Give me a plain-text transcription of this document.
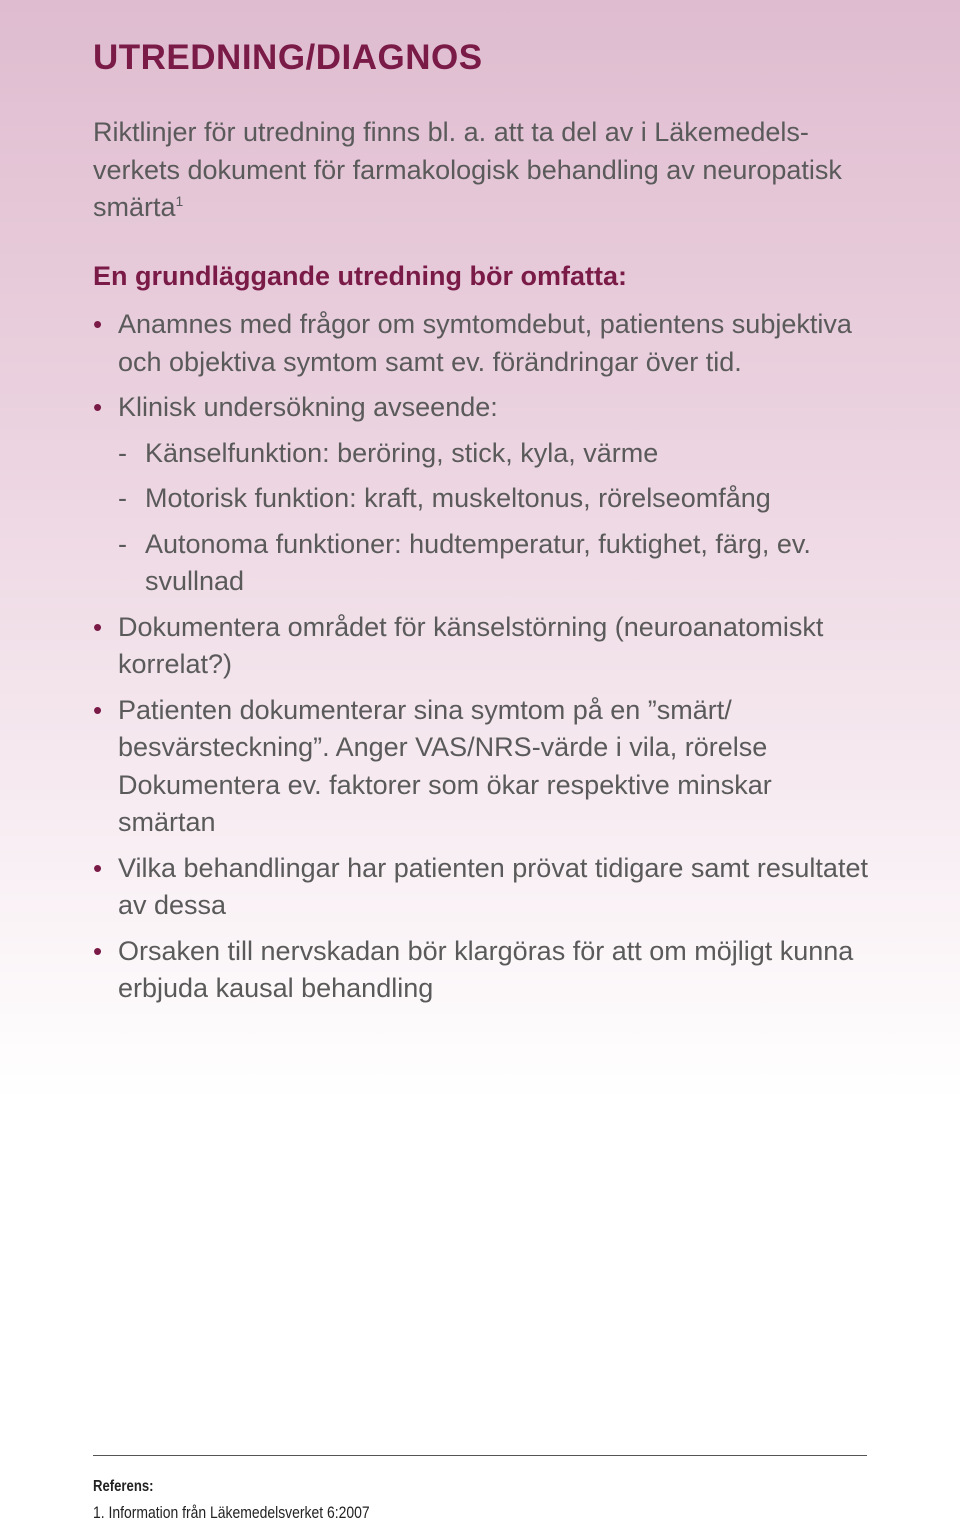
UTREDNING/DIAGNOS

Riktlinjer för utredning finns bl. a. att ta del av i Läkemedelsverkets dokument för farmakologisk behandling av neuropatisk smärta$^1$

En grundläggande utredning bör omfatta:
• Anamnes med frågor om symtomdebut, patientens subjektiva och objektiva symtom samt ev. förändringar över tid.
• Klinisk undersökning avseende:
- Känselfunktion: beröring, stick, kyla, värme
- Motorisk funktion: kraft, muskeltonus, rörelseomfång
- Autonoma funktioner: hudtemperatur, fuktighet, färg, ev. svullnad
• Dokumentera området för känselstörning (neuroanatomiskt korrelat?)
• Patienten dokumenterar sina symtom på en ”smärt/ besvärsteckning”. Anger VAS/NRS-värde i vila, rörelse Dokumentera ev. faktorer som ökar respektive minskar smärtan
• Vilka behandlingar har patienten prövat tidigare samt resultatet av dessa
• Orsaken till nervskadan bör klargöras för att om möjligt kunna erbjuda kausal behandling

Referens:

1. Information från Läkemedelsverket 6:2007
